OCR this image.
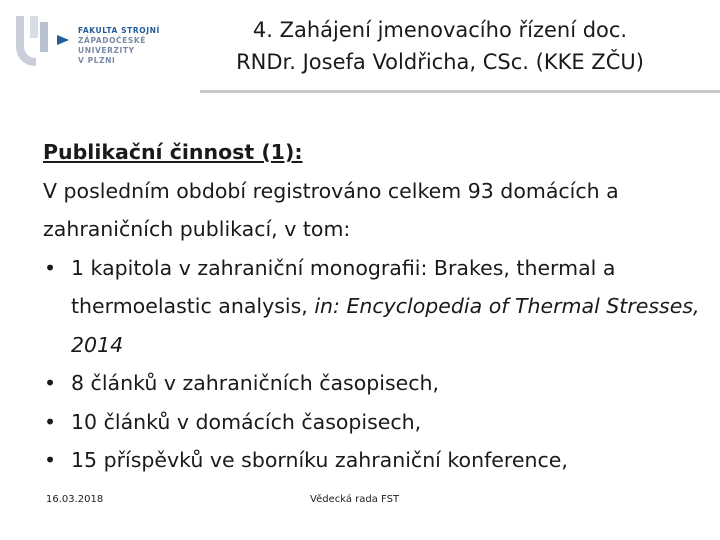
FAKULTA STROJNÍ
ZÁPADOČESKÉ
UNIVERZITY
V PLZNI
4. Zahájení jmenovacího řízení doc.
RNDr. Josefa Voldřicha, CSc. (KKE ZČU)
Publikační činnost (1):
V posledním období registrováno celkem 93 domácích a zahraničních publikací, v tom:
• 1 kapitola v zahraniční monografii: Brakes, thermal a thermoelastic analysis, in: Encyclopedia of Thermal Stresses, 2014
• 8 článků v zahraničních časopisech,
• 10 článků v domácích časopisech,
• 15 příspěvků ve sborníku zahraniční konference,
16.03.2018	Vědecká rada FST
